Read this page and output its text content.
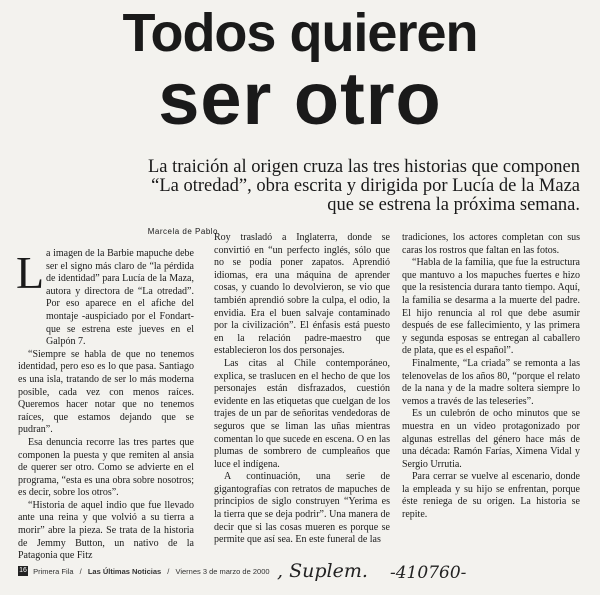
Todos quieren
ser otro
La traición al origen cruza las tres historias que componen “La otredad”, obra escrita y dirigida por Lucía de la Maza que se estrena la próxima semana.
Marcela de Pablo
L a imagen de la Barbie mapuche debe ser el signo más claro de “la pérdida de identidad” para Lucía de la Maza, autora y directora de “La otredad”. Por eso aparece en el afiche del montaje -auspiciado por el Fondart- que se estrena este jueves en el Galpón 7.

“Siempre se habla de que no tenemos identidad, pero eso es lo que pasa. Santiago es una isla, tratando de ser lo más moderna posible, cada vez con menos raíces. Queremos hacer notar que no tenemos raíces, que estamos dejando que se pudran”.

Esa denuncia recorre las tres partes que componen la puesta y que remiten al ansia de querer ser otro. Como se advierte en el programa, “esta es una obra sobre nosotros; es decir, sobre los otros”.

“Historia de aquel indio que fue llevado ante una reina y que volvió a su tierra a morir” abre la pieza. Se trata de la historia de Jemmy Button, un nativo de la Patagonia que Fitz

Roy trasladó a Inglaterra, donde se convirtió en “un perfecto inglés, sólo que no se podía poner zapatos. Aprendió idiomas, era una máquina de aprender cosas, y cuando lo devolvieron, se vio que también aprendió sobre la culpa, el odio, la envidia. Era el buen salvaje contaminado por la civilización”. El énfasis está puesto en la relación padre-maestro que establecieron los dos personajes.

Las citas al Chile contemporáneo, explica, se traslucen en el hecho de que los personajes están disfrazados, cuestión evidente en las etiquetas que cuelgan de los trajes de un par de señoritas vendedoras de seguros que se liman las uñas mientras comentan lo que sucede en escena. O en las plumas de sombrero de cumpleaños que luce el indígena.

A continuación, una serie de gigantografías con retratos de mapuches de principios de siglo construyen “Yerima es la tierra que se deja podrir”. Una manera de decir que si las cosas mueren es porque se permite que así sea. En este funeral de las

tradiciones, los actores completan con sus caras los rostros que faltan en las fotos.

“Habla de la familia, que fue la estructura que mantuvo a los mapuches fuertes e hizo que la resistencia durara tanto tiempo. Aquí, la familia se desarma a la muerte del padre. El hijo renuncia al rol que debe asumir después de ese fallecimiento, y las primera y segunda esposas se entregan al caballero de plata, que es el español”.

Finalmente, “La criada” se remonta a las telenovelas de los años 80, “porque el relato de la nana y de la madre soltera siempre lo vemos a través de las teleseries”.

Es un culebrón de ocho minutos que se muestra en un video protagonizado por algunas estrellas del género hace más de una década: Ramón Farías, Ximena Vidal y Sergio Urrutia.

Para cerrar se vuelve al escenario, donde la empleada y su hijo se enfrentan, porque éste reniega de su origen. La historia se repite.

16 Primera Fila / Las Últimas Noticias / Viernes 3 de marzo de 2000 , Suplem. -410760-
